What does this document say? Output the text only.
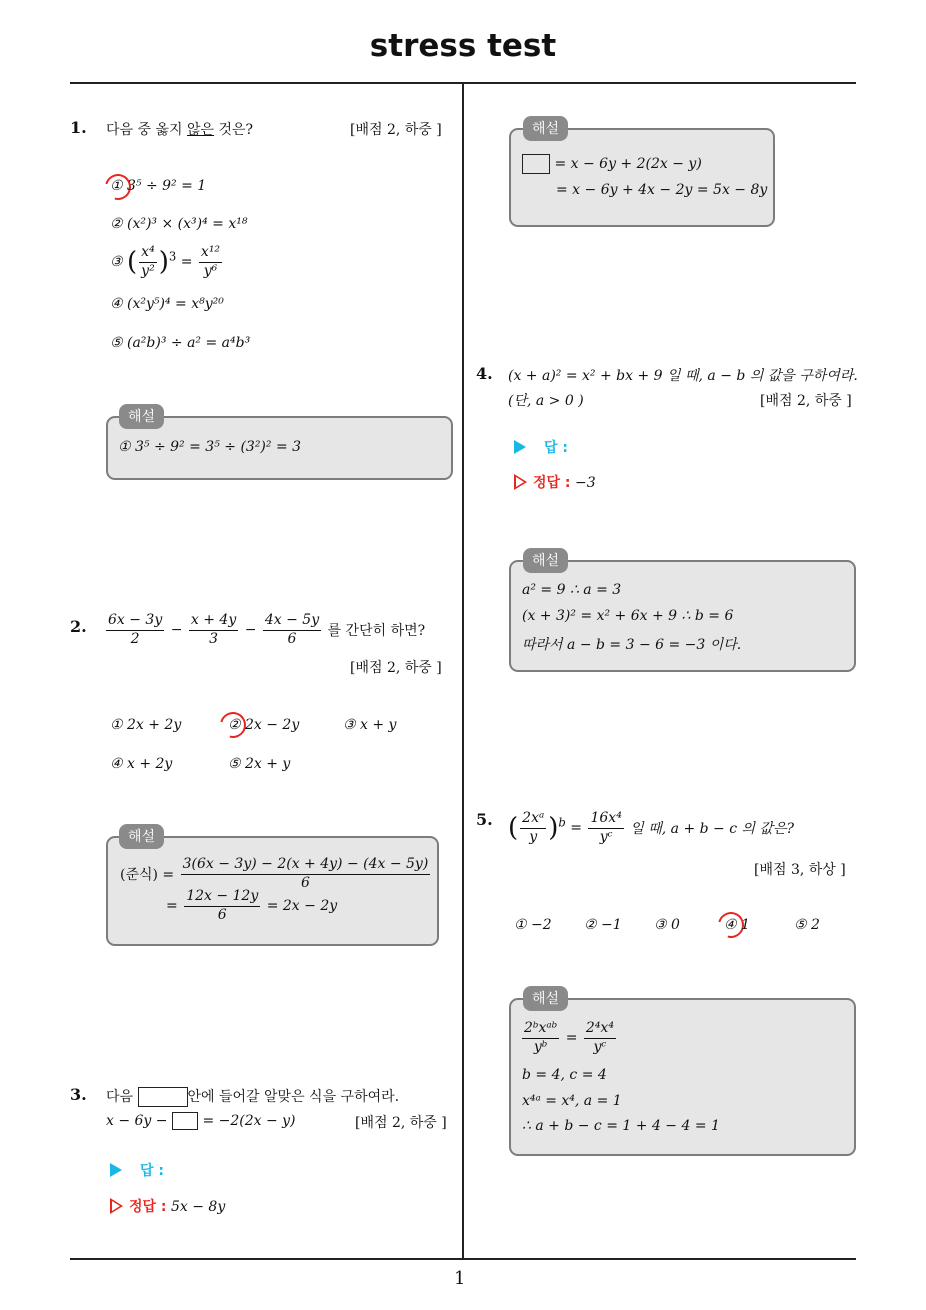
stress test
1
1. 다음 중 옳지 않은 것은?	[배점 2, 하중 ]
① 3⁵ ÷ 9² = 1
② (x²)³ × (x³)⁴ = x¹⁸
③ ( $\frac{\text{x⁴}}{\text{y²}} )^3 = \frac{\text{x¹²}}{\text{y⁶}}$
④ (x²y⁵)⁴ = x⁸y²⁰
⑤ (a²b)³ ÷ a² = a⁴b³
해설
① 3⁵ ÷ 9² = 3⁵ ÷ (3²)² = 3
2. $\frac{6x - 3y}{2} - \frac{x + 4y}{3} - \frac{4x - 5y}{6}$ 를 간단히 하면?
[배점 2, 하중 ]
① 2x + 2y	② 2x − 2y	③ x + y
④ x + 2y	⑤ 2x + y
해설
(준식) = $\frac{3(6x - 3y) - 2(x + 4y) - (4x - 5y)}{6}$
= $\frac{12x - 12y}{6} = 2x - 2y$
3. 다음	안에 들어갈 알맞은 식을 구하여라.
x − 6y − = −2(2x − y)	[배점 2, 하중 ]
답 :
정답 : 5x − 8y
해설
= x − 6y + 2(2x − y)
= x − 6y + 4x − 2y = 5x − 8y
4. (x + a)² = x² + bx + 9 일 때, a − b 의 값을 구하여라.
(단, a > 0 )	[배점 2, 하중 ]
답 :
정답 : −3
해설
a² = 9 ∴ a = 3
(x + 3)² = x² + 6x + 9 ∴ b = 6
따라서 a − b = 3 − 6 = −3 이다.
5. ( $\frac{\text{2xᵃ}}{y} )^b = \frac{\text{16x⁴}}{\text{yᶜ}}$ 일 때, a + b − c 의 값은?
[배점 3, 하상 ]
① −2 ② −1 ③ 0	④ 1	⑤ 2
해설
$\frac{\text{2ᵇxᵃᵇ}}{\text{yᵇ}} = \frac{\text{2⁴x⁴}}{\text{yᶜ}}$
b = 4, c = 4
x⁴ᵃ = x⁴, a = 1
∴ a + b − c = 1 + 4 − 4 = 1
